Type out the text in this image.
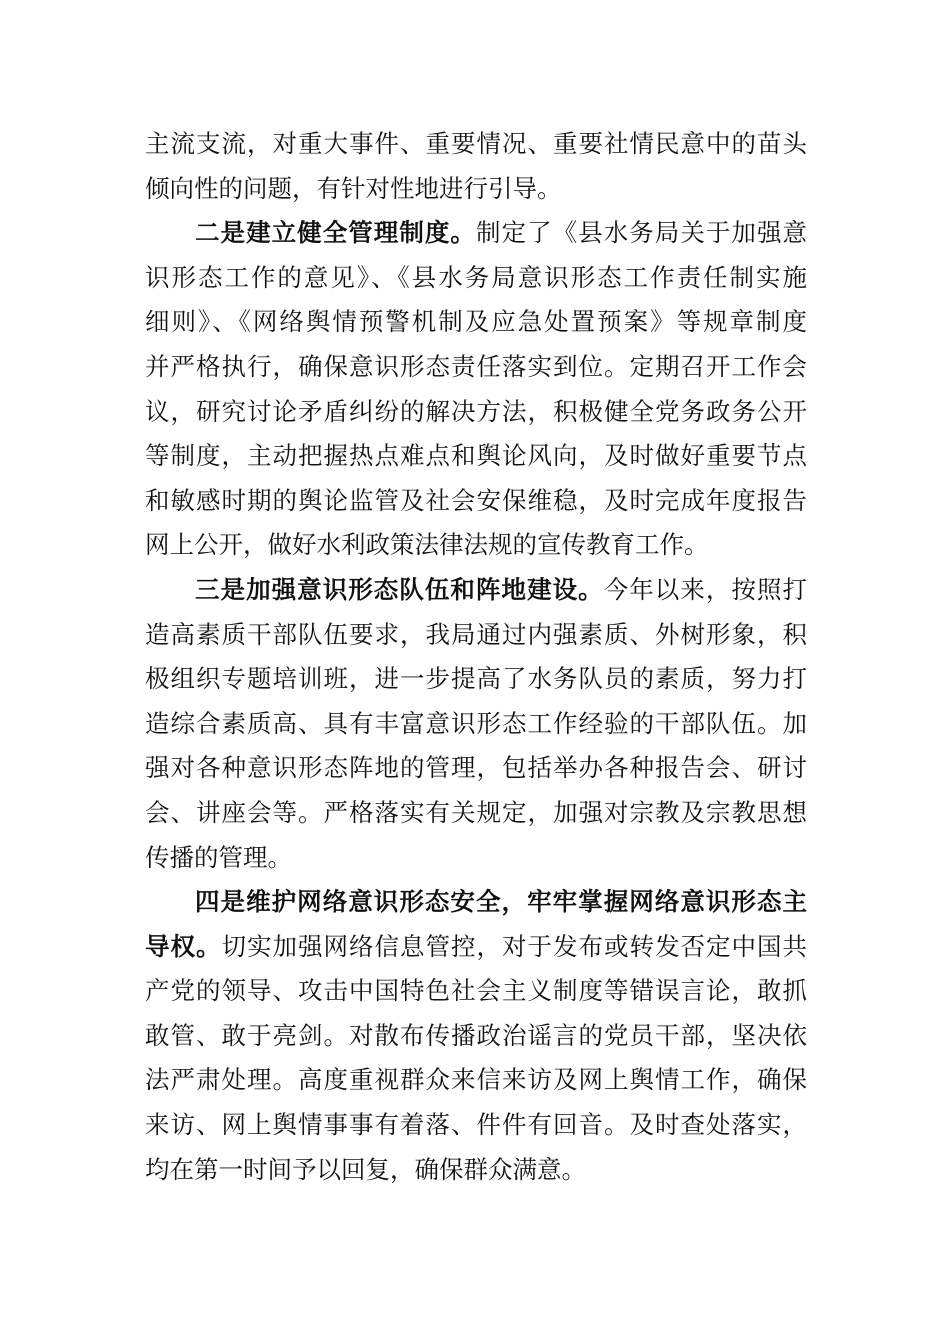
主流支流，对重大事件、重要情况、重要社情民意中的苗头
倾向性的问题，有针对性地进行引导。
二是建立健全管理制度。制定了《县水务局关于加强意
识形态工作的意见》、《县水务局意识形态工作责任制实施
细则》、《网络舆情预警机制及应急处置预案》等规章制度
并严格执行，确保意识形态责任落实到位。定期召开工作会
议，研究讨论矛盾纠纷的解决方法，积极健全党务政务公开
等制度，主动把握热点难点和舆论风向，及时做好重要节点
和敏感时期的舆论监管及社会安保维稳，及时完成年度报告
网上公开，做好水利政策法律法规的宣传教育工作。
三是加强意识形态队伍和阵地建设。今年以来，按照打
造高素质干部队伍要求，我局通过内强素质、外树形象，积
极组织专题培训班，进一步提高了水务队员的素质，努力打
造综合素质高、具有丰富意识形态工作经验的干部队伍。加
强对各种意识形态阵地的管理，包括举办各种报告会、研讨
会、讲座会等。严格落实有关规定，加强对宗教及宗教思想
传播的管理。
四是维护网络意识形态安全，牢牢掌握网络意识形态主
导权。切实加强网络信息管控，对于发布或转发否定中国共
产党的领导、攻击中国特色社会主义制度等错误言论，敢抓
敢管、敢于亮剑。对散布传播政治谣言的党员干部，坚决依
法严肃处理。高度重视群众来信来访及网上舆情工作，确保
来访、网上舆情事事有着落、件件有回音。及时查处落实，
均在第一时间予以回复，确保群众满意。
